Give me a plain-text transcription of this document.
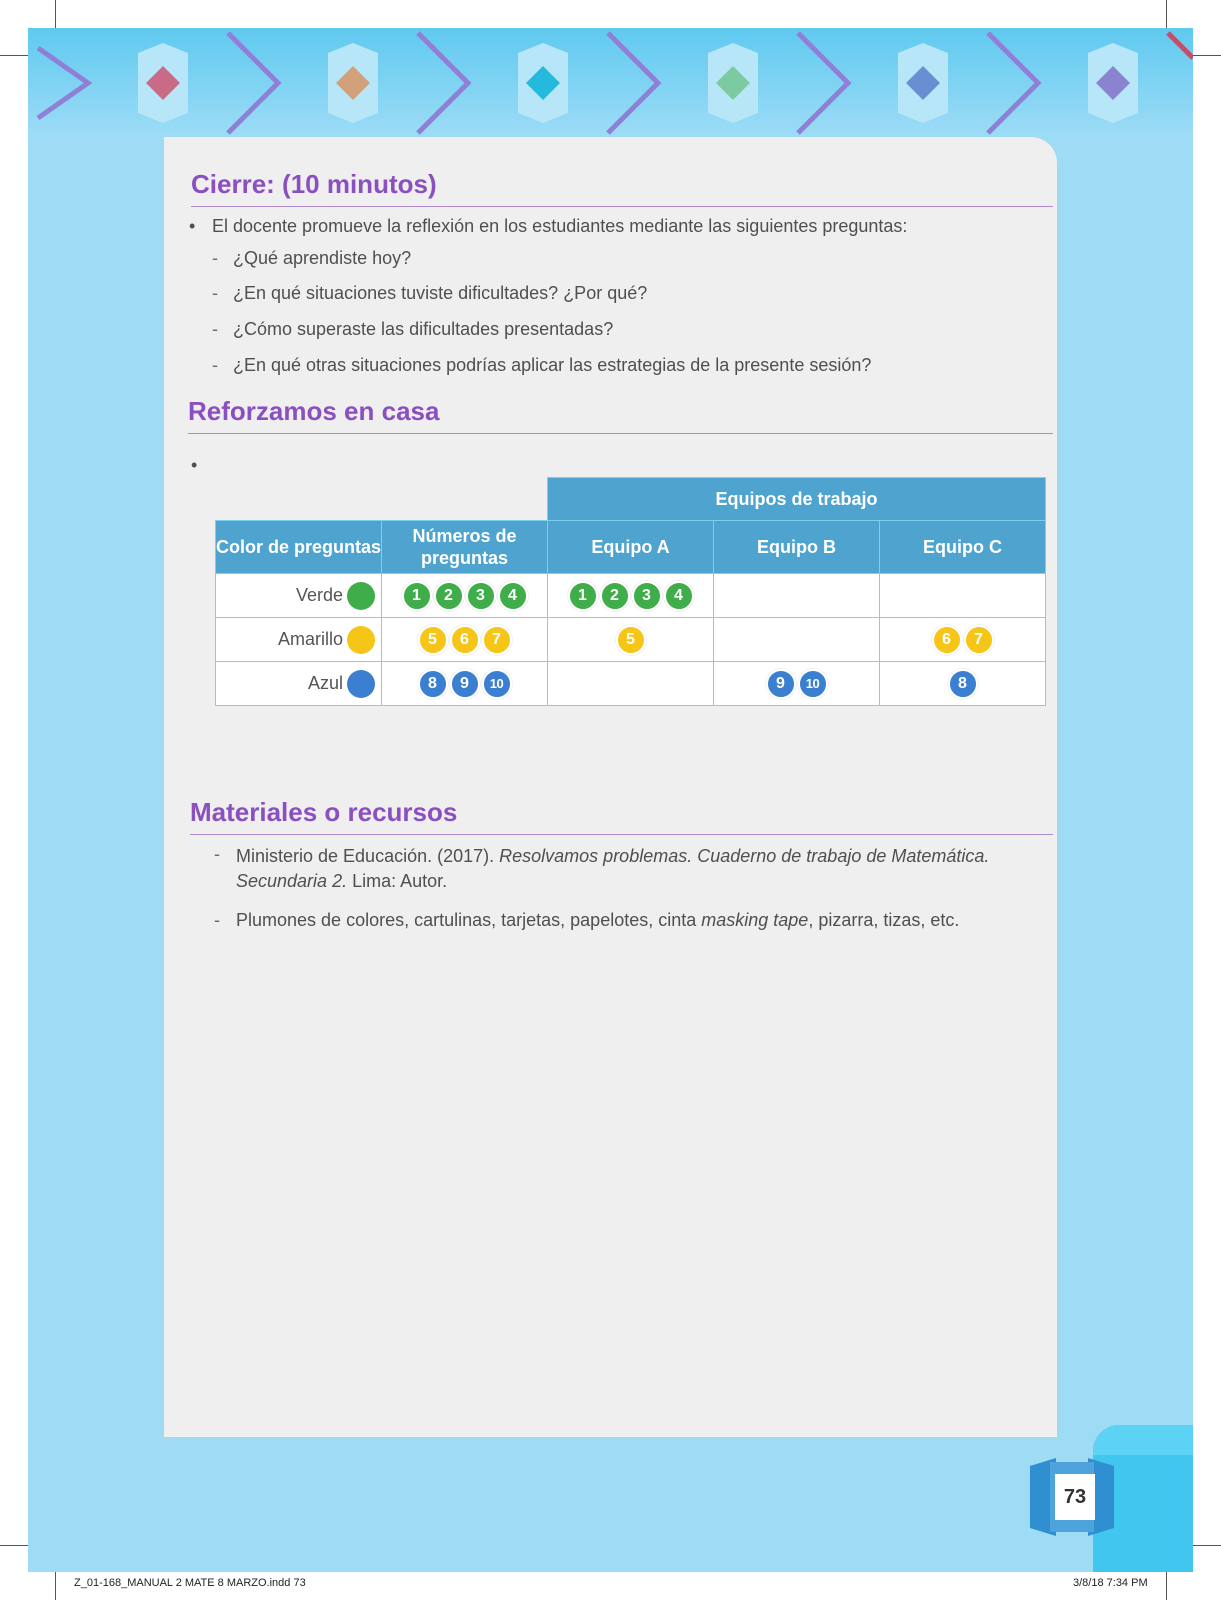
Cierre: (10 minutos)
• El docente promueve la reflexión en los estudiantes mediante las siguientes preguntas:
- ¿Qué aprendiste hoy?
- ¿En qué situaciones tuviste dificultades? ¿Por qué?
- ¿Cómo superaste las dificultades presentadas?
- ¿En qué otras situaciones podrías aplicar las estrategias de la presente sesión?
Reforzamos en casa
•
		Equipos de trabajo		
Color de preguntas	Números de preguntas	Equipo A	Equipo B	Equipo C
Verde	1 2 3 4	1 2 3 4		
Amarillo	5 6 7	5		6 7
Azul	8 9 10		9 10	8
Materiales o recursos
- Ministerio de Educación. (2017). Resolvamos problemas. Cuaderno de trabajo de Matemática.
Secundaria 2. Lima: Autor.
- Plumones de colores, cartulinas, tarjetas, papelotes, cinta masking tape, pizarra, tizas, etc.
73
Z_01-168_MANUAL 2 MATE 8 MARZO.indd 73	3/8/18 7:34 PM
